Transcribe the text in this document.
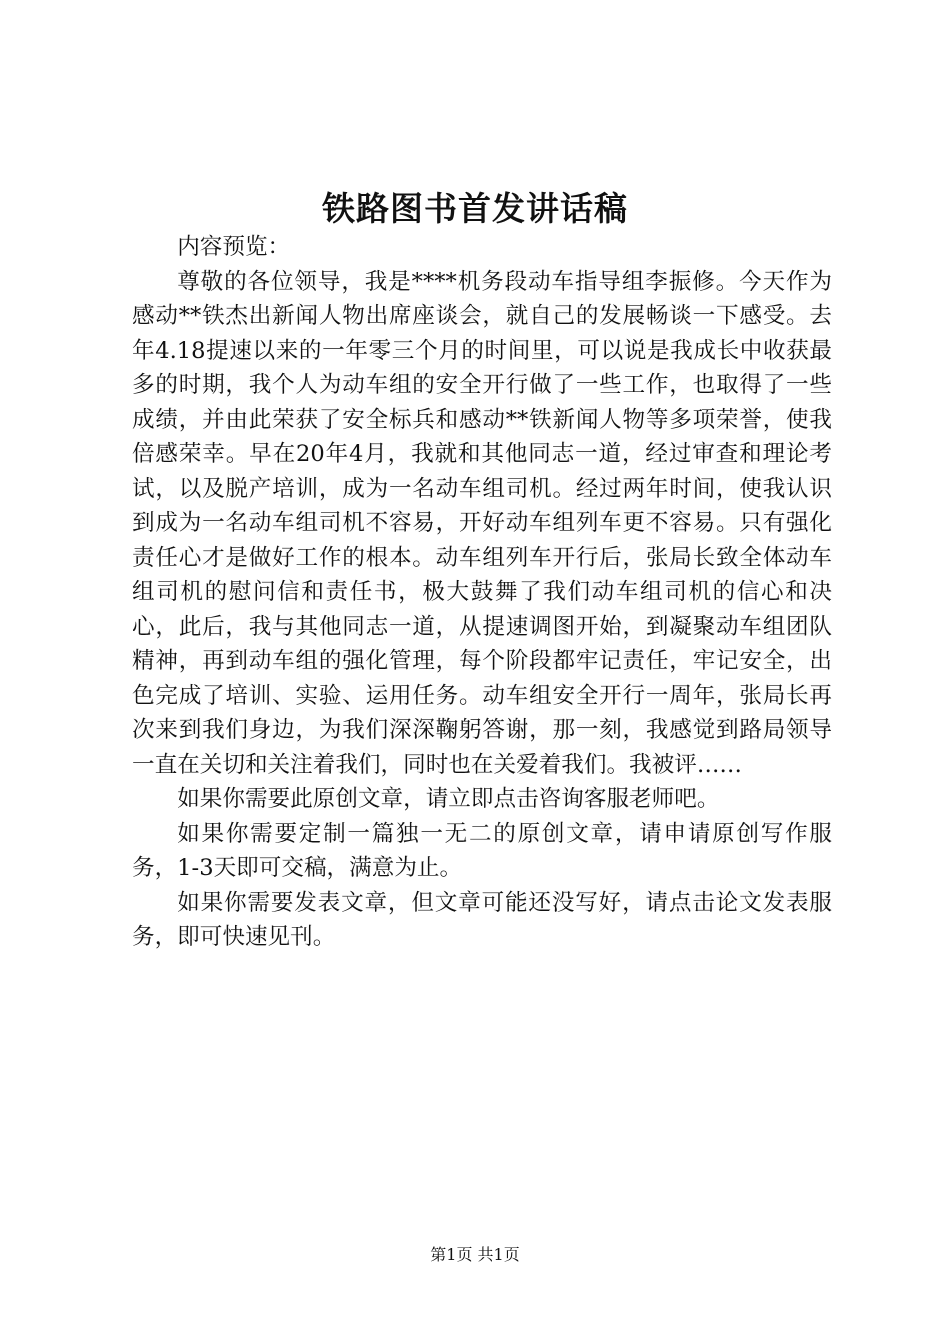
铁路图书首发讲话稿

内容预览：

尊敬的各位领导，我是****机务段动车指导组李振修。今天作为感动**铁杰出新闻人物出席座谈会，就自己的发展畅谈一下感受。去年4.18提速以来的一年零三个月的时间里，可以说是我成长中收获最多的时期，我个人为动车组的安全开行做了一些工作，也取得了一些成绩，并由此荣获了安全标兵和感动**铁新闻人物等多项荣誉，使我倍感荣幸。早在20年4月，我就和其他同志一道，经过审查和理论考试，以及脱产培训，成为一名动车组司机。经过两年时间，使我认识到成为一名动车组司机不容易，开好动车组列车更不容易。只有强化责任心才是做好工作的根本。动车组列车开行后，张局长致全体动车组司机的慰问信和责任书，极大鼓舞了我们动车组司机的信心和决心，此后，我与其他同志一道，从提速调图开始，到凝聚动车组团队精神，再到动车组的强化管理，每个阶段都牢记责任，牢记安全，出色完成了培训、实验、运用任务。动车组安全开行一周年，张局长再次来到我们身边，为我们深深鞠躬答谢，那一刻，我感觉到路局领导一直在关切和关注着我们，同时也在关爱着我们。我被评……

如果你需要此原创文章，请立即点击咨询客服老师吧。

如果你需要定制一篇独一无二的原创文章，请申请原创写作服务，1-3天即可交稿，满意为止。

如果你需要发表文章，但文章可能还没写好，请点击论文发表服务，即可快速见刊。

第1页 共1页
